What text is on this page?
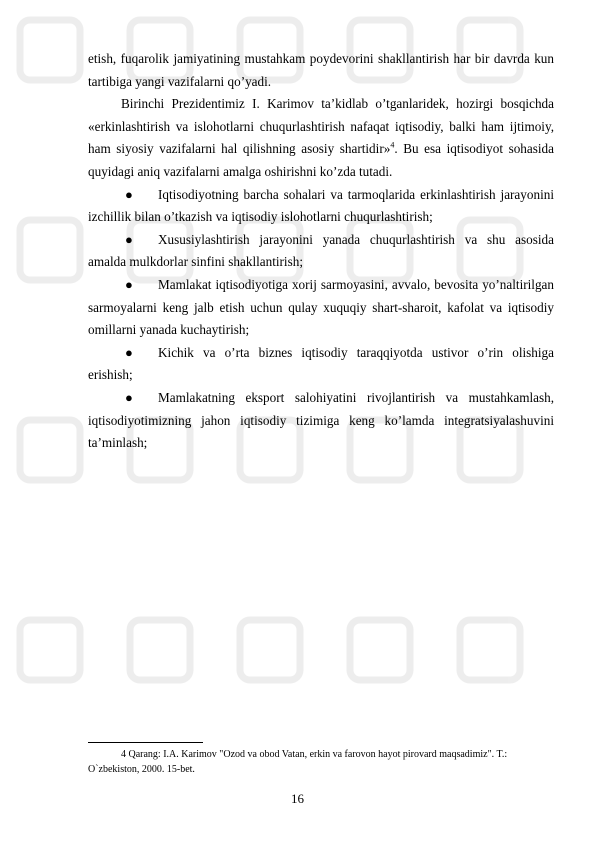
etish, fuqarolik jamiyatining mustahkam poydevorini shakllantirish har bir davrda kun tartibiga yangi vazifalarni qo’yadi.

Birinchi Prezidentimiz I. Karimov ta’kidlab o’tganlaridek, hozirgi bosqichda «erkinlashtirish va islohotlarni chuqurlashtirish nafaqat iqtisodiy, balki ham ijtimoiy, ham siyosiy vazifalarni hal qilishning asosiy shartidir»$^4$. Bu esa iqtisodiyot sohasida quyidagi aniq vazifalarni amalga oshirishni ko’zda tutadi.

● Iqtisodiyotning barcha sohalari va tarmoqlarida erkinlashtirish jarayonini izchillik bilan o’tkazish va iqtisodiy islohotlarni chuqurlashtirish;

● Xususiylashtirish jarayonini yanada chuqurlashtirish va shu asosida amalda mulkdorlar sinfini shakllantirish;

● Mamlakat iqtisodiyotiga xorij sarmoyasini, avvalo, bevosita yo’naltirilgan sarmoyalarni keng jalb etish uchun qulay xuquqiy shart-sharoit, kafolat va iqtisodiy omillarni yanada kuchaytirish;

● Kichik va o’rta biznes iqtisodiy taraqqiyotda ustivor o’rin olishiga erishish;

● Mamlakatning eksport salohiyatini rivojlantirish va mustahkamlash, iqtisodiyotimizning jahon iqtisodiy tizimiga keng ko’lamda integratsiyalashuvini ta’minlash;

4 Qarang: I.A. Karimov "Ozod va obod Vatan, erkin va farovon hayot pirovard maqsadimiz". T.: O`zbekiston, 2000. 15-bet.
16
